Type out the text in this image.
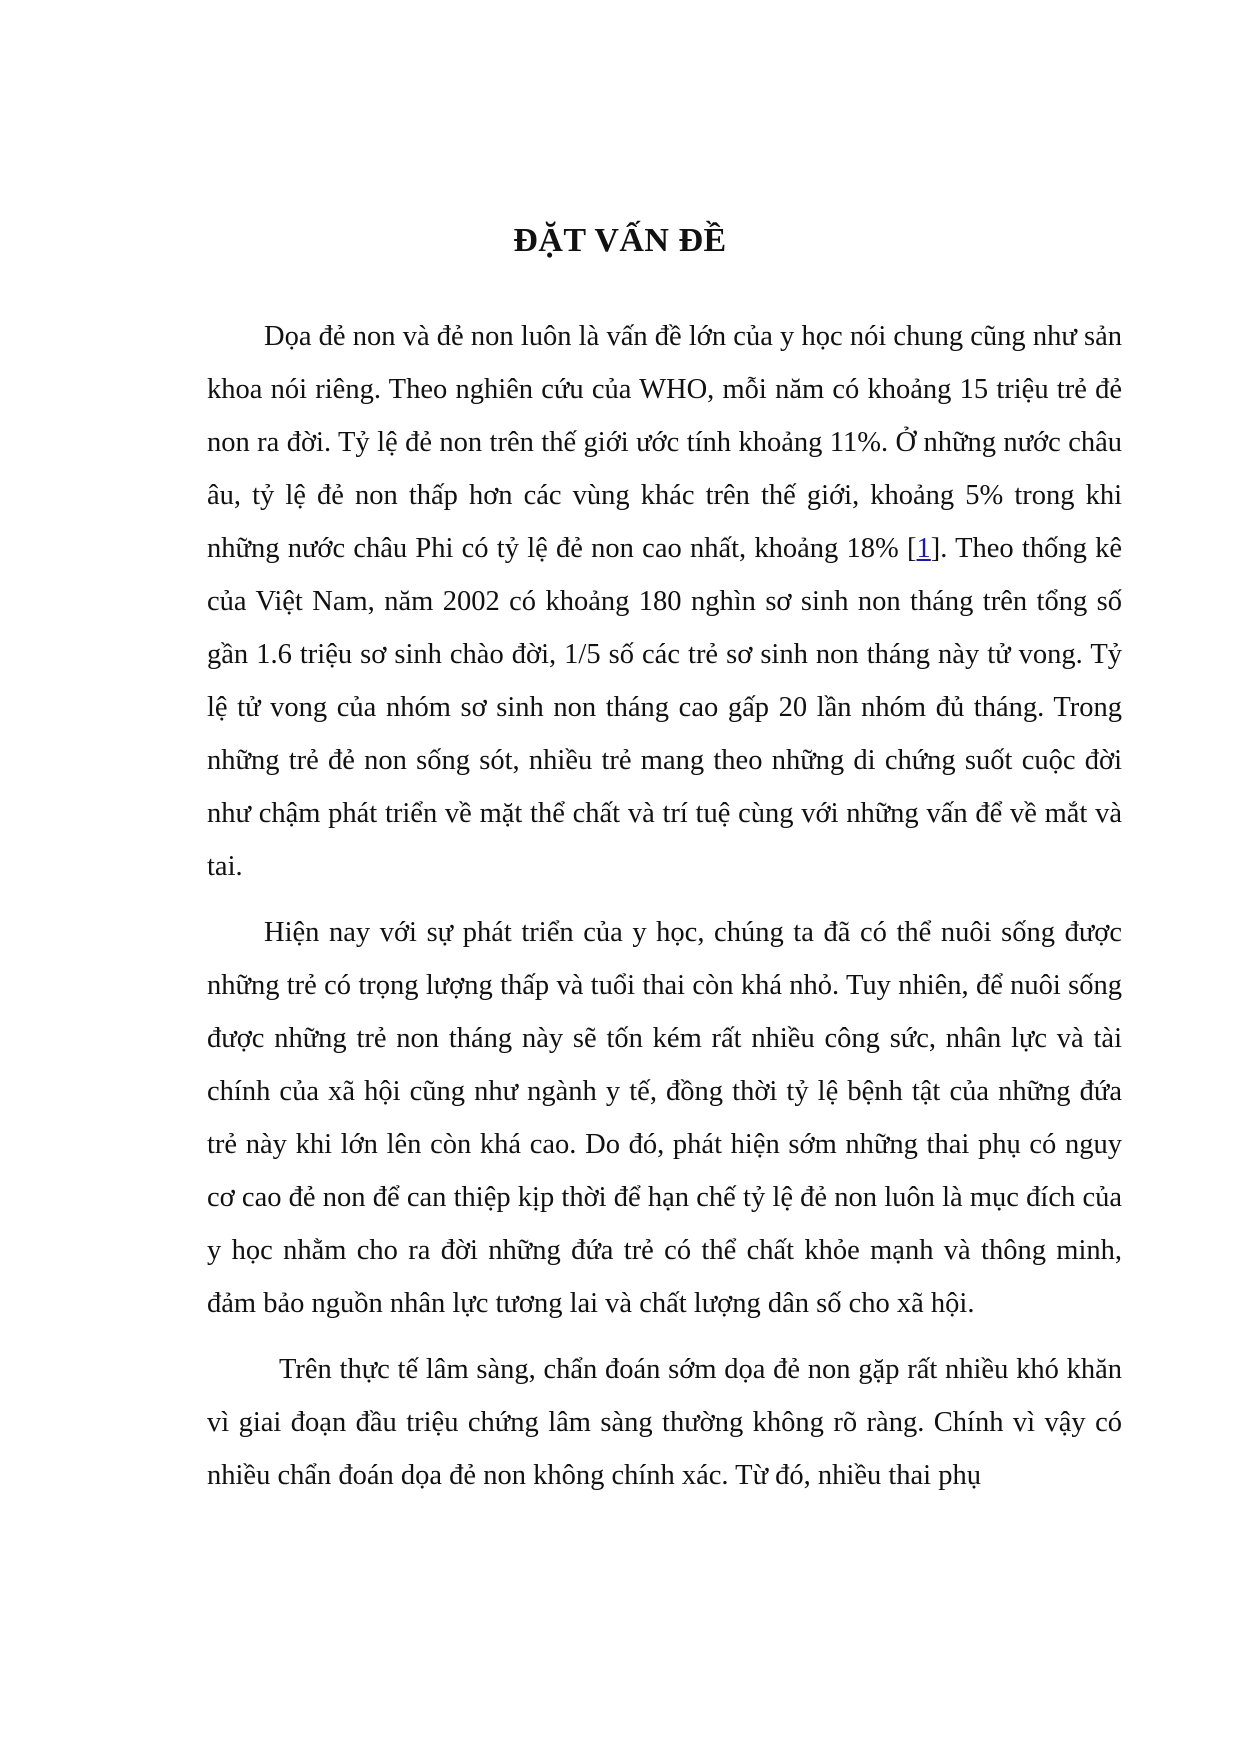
ĐẶT VẤN ĐỀ

Dọa đẻ non và đẻ non luôn là vấn đề lớn của y học nói chung cũng như sản khoa nói riêng. Theo nghiên cứu của WHO, mỗi năm có khoảng 15 triệu trẻ đẻ non ra đời. Tỷ lệ đẻ non trên thế giới ước tính khoảng 11%. Ở những nước châu âu, tỷ lệ đẻ non thấp hơn các vùng khác trên thế giới, khoảng 5% trong khi những nước châu Phi có tỷ lệ đẻ non cao nhất, khoảng 18% [1]. Theo thống kê của Việt Nam, năm 2002 có khoảng 180 nghìn sơ sinh non tháng trên tổng số gần 1.6 triệu sơ sinh chào đời, 1/5 số các trẻ sơ sinh non tháng này tử vong. Tỷ lệ tử vong của nhóm sơ sinh non tháng cao gấp 20 lần nhóm đủ tháng. Trong những trẻ đẻ non sống sót, nhiều trẻ mang theo những di chứng suốt cuộc đời như chậm phát triển về mặt thể chất và trí tuệ cùng với những vấn để về mắt và tai.

Hiện nay với sự phát triển của y học, chúng ta đã có thể nuôi sống được những trẻ có trọng lượng thấp và tuổi thai còn khá nhỏ. Tuy nhiên, để nuôi sống được những trẻ non tháng này sẽ tốn kém rất nhiều công sức, nhân lực và tài chính của xã hội cũng như ngành y tế, đồng thời tỷ lệ bệnh tật của những đứa trẻ này khi lớn lên còn khá cao. Do đó, phát hiện sớm những thai phụ có nguy cơ cao đẻ non để can thiệp kịp thời để hạn chế tỷ lệ đẻ non luôn là mục đích của y học nhằm cho ra đời những đứa trẻ có thể chất khỏe mạnh và thông minh, đảm bảo nguồn nhân lực tương lai và chất lượng dân số cho xã hội.

Trên thực tế lâm sàng, chẩn đoán sớm dọa đẻ non gặp rất nhiều khó khăn vì giai đoạn đầu triệu chứng lâm sàng thường không rõ ràng. Chính vì vậy có nhiều chẩn đoán dọa đẻ non không chính xác. Từ đó, nhiều thai phụ
